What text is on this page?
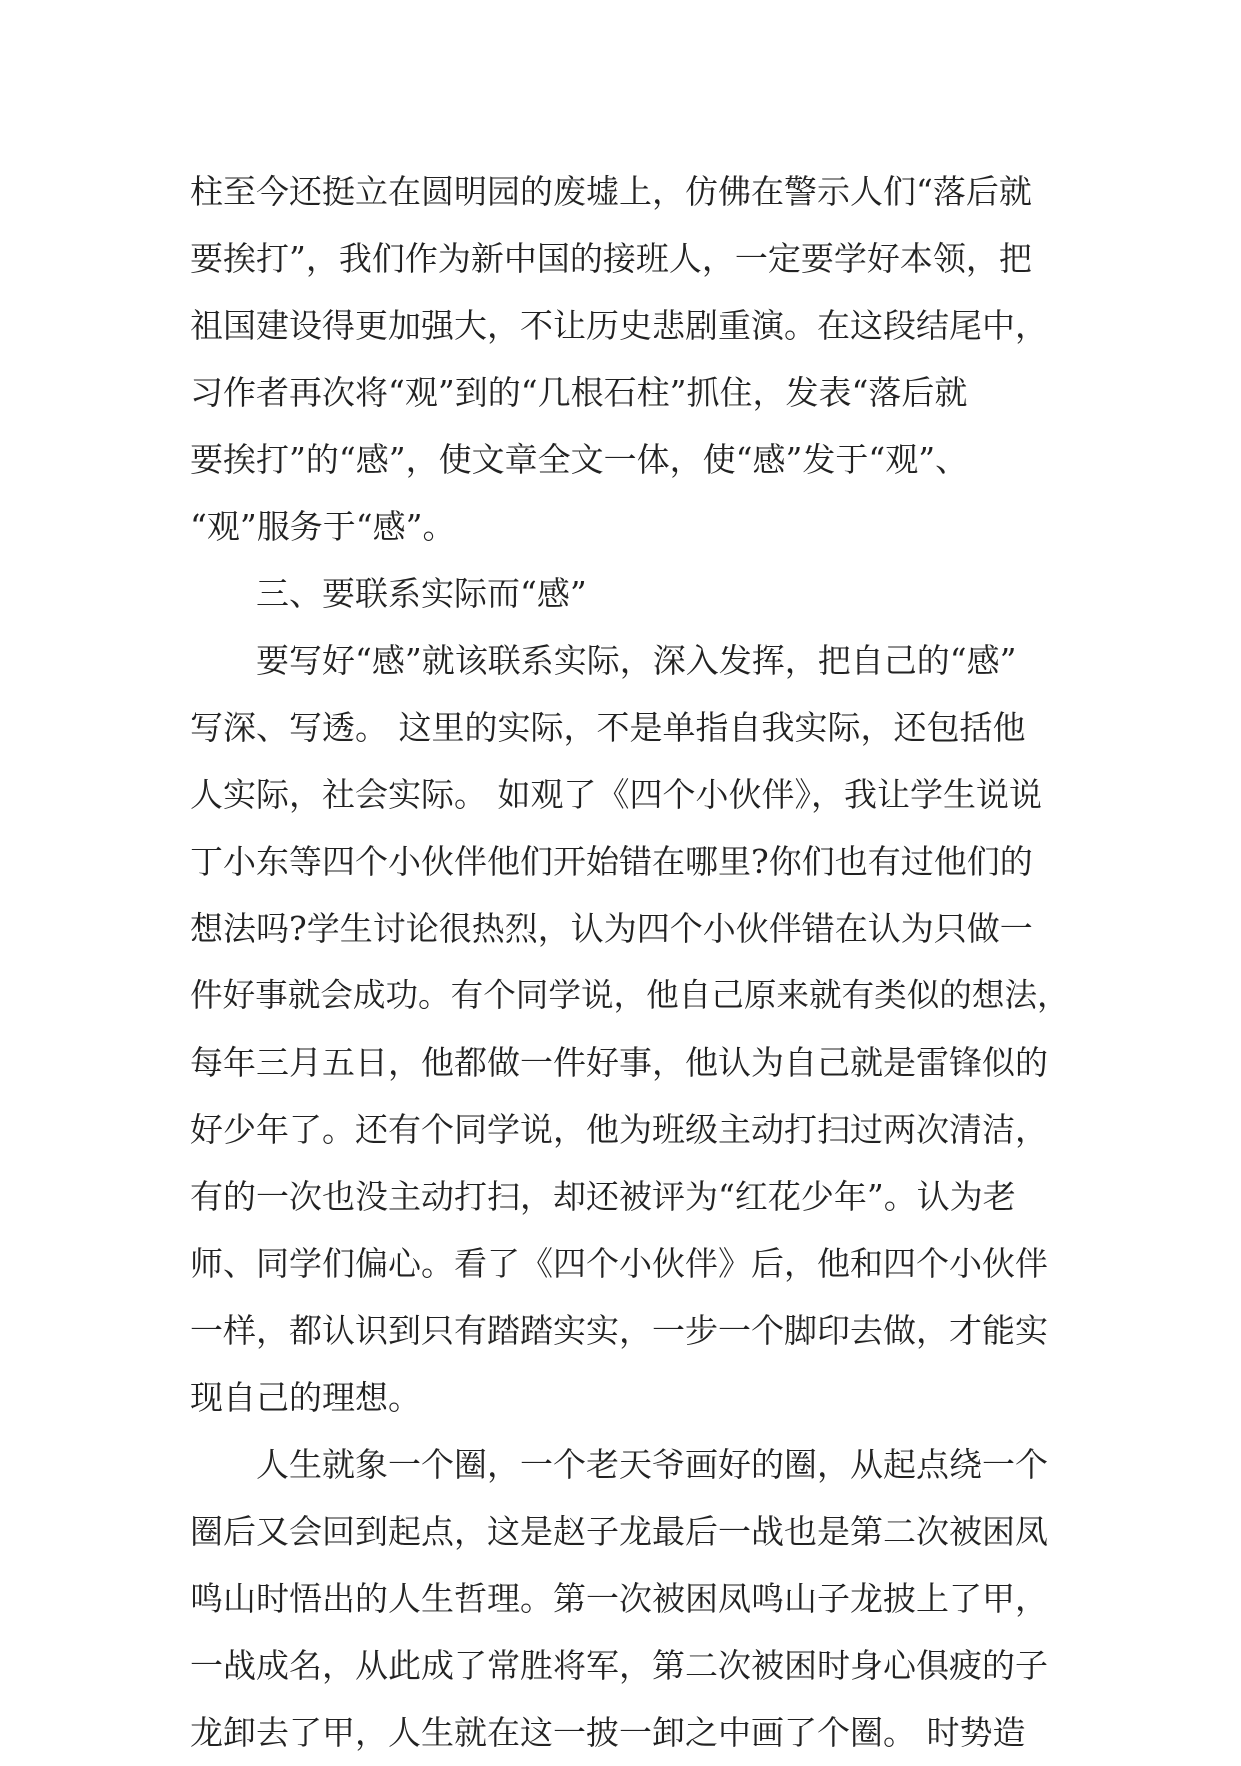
柱至今还挺立在圆明园的废墟上，仿佛在警示人们“落后就
要挨打”，我们作为新中国的接班人，一定要学好本领，把
祖国建设得更加强大，不让历史悲剧重演。在这段结尾中，
习作者再次将“观”到的“几根石柱”抓住，发表“落后就
要挨打”的“感”，使文章全文一体，使“感”发于“观”、
“观”服务于“感”。
三、要联系实际而“感”
要写好“感”就该联系实际，深入发挥，把自己的“感”
写深、写透。 这里的实际，不是单指自我实际，还包括他
人实际，社会实际。 如观了《四个小伙伴》，我让学生说说
丁小东等四个小伙伴他们开始错在哪里?你们也有过他们的
想法吗?学生讨论很热烈，认为四个小伙伴错在认为只做一
件好事就会成功。有个同学说，他自己原来就有类似的想法，
每年三月五日，他都做一件好事，他认为自己就是雷锋似的
好少年了。还有个同学说，他为班级主动打扫过两次清洁，
有的一次也没主动打扫，却还被评为“红花少年”。认为老
师、同学们偏心。看了《四个小伙伴》后，他和四个小伙伴
一样，都认识到只有踏踏实实，一步一个脚印去做，才能实
现自己的理想。
人生就象一个圈，一个老天爷画好的圈，从起点绕一个
圈后又会回到起点，这是赵子龙最后一战也是第二次被困凤
鸣山时悟出的人生哲理。第一次被困凤鸣山子龙披上了甲，
一战成名，从此成了常胜将军，第二次被困时身心俱疲的子
龙卸去了甲，人生就在这一披一卸之中画了个圈。 时势造
